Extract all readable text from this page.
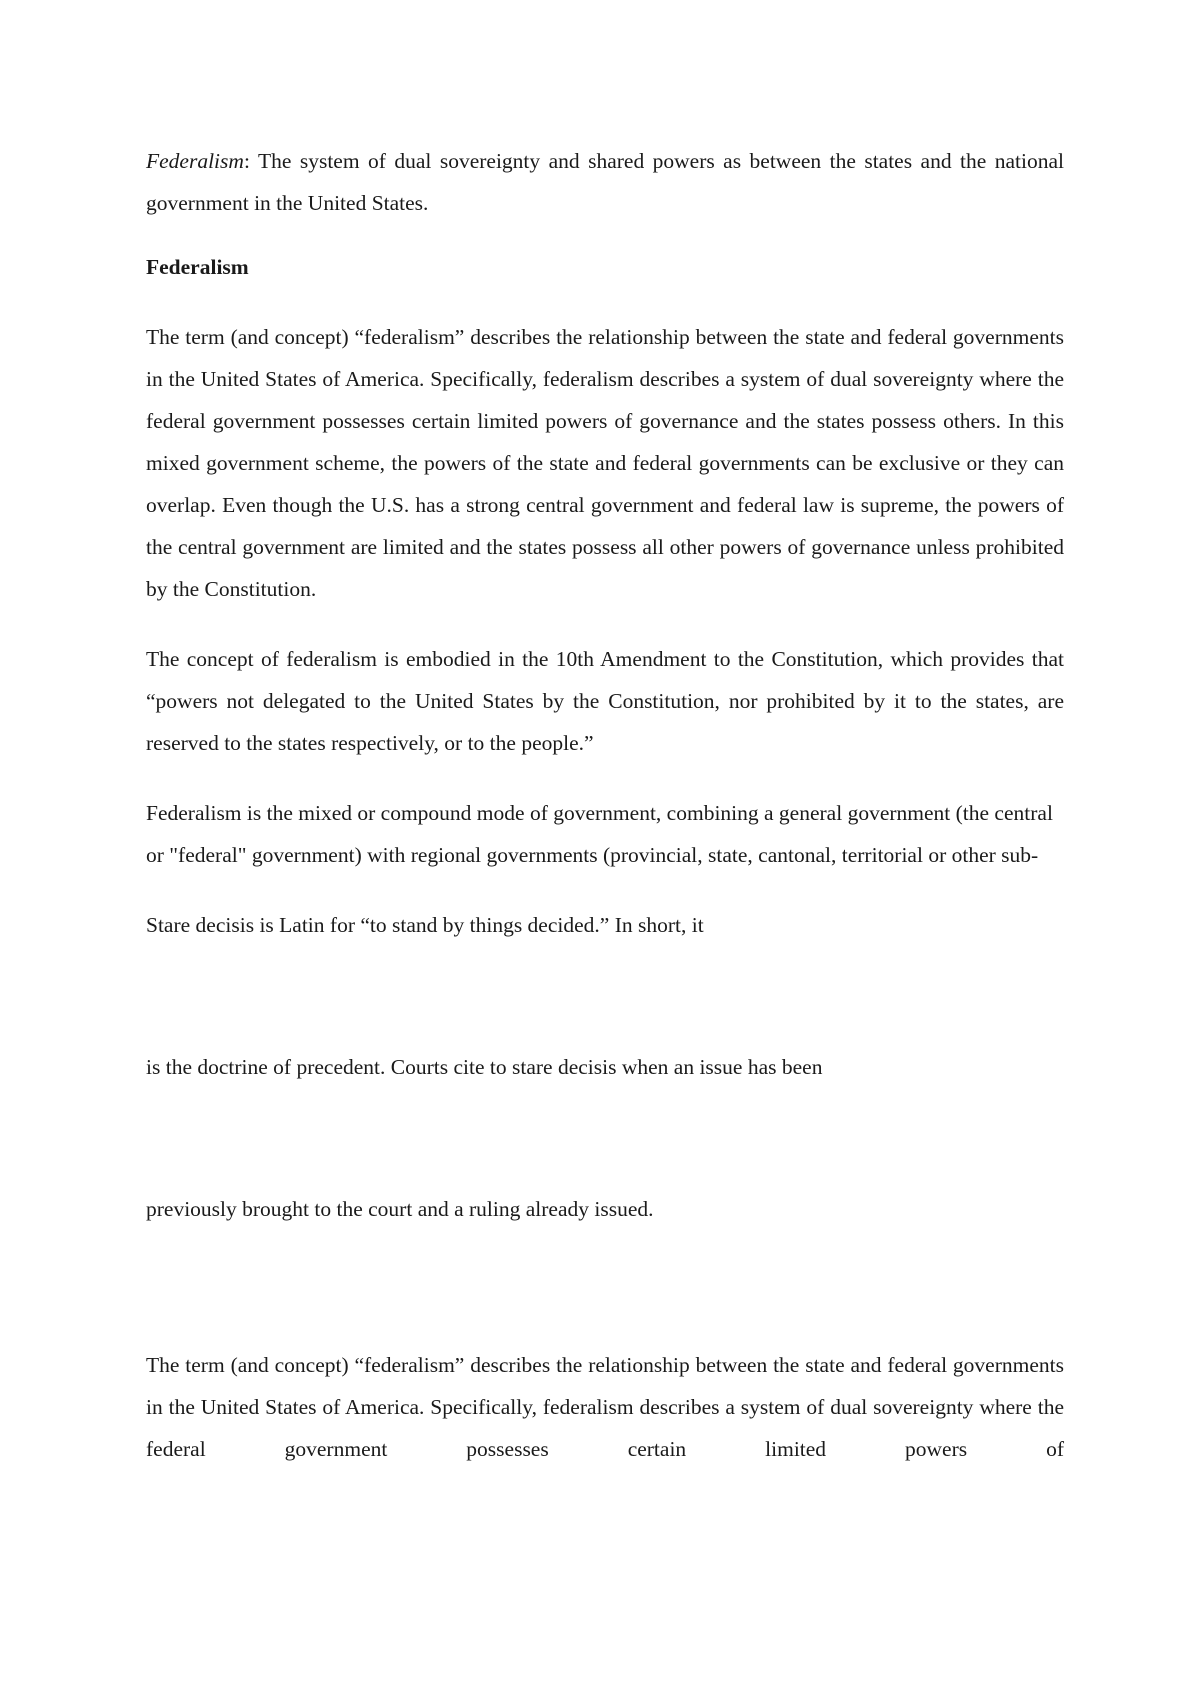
Federalism: The system of dual sovereignty and shared powers as between the states and the national government in the United States.

Federalism

The term (and concept) “federalism” describes the relationship between the state and federal governments in the United States of America. Specifically, federalism describes a system of dual sovereignty where the federal government possesses certain limited powers of governance and the states possess others. In this mixed government scheme, the powers of the state and federal governments can be exclusive or they can overlap. Even though the U.S. has a strong central government and federal law is supreme, the powers of the central government are limited and the states possess all other powers of governance unless prohibited by the Constitution.

The concept of federalism is embodied in the 10th Amendment to the Constitution, which provides that “powers not delegated to the United States by the Constitution, nor prohibited by it to the states, are reserved to the states respectively, or to the people.”

Federalism is the mixed or compound mode of government, combining a general government (the central or "federal" government) with regional governments (provincial, state, cantonal, territorial or other sub-

Stare decisis is Latin for “to stand by things decided.” In short, it

is the doctrine of precedent. Courts cite to stare decisis when an issue has been

previously brought to the court and a ruling already issued.

The term (and concept) “federalism” describes the relationship between the state and federal governments in the United States of America. Specifically, federalism describes a system of dual sovereignty where the federal government possesses certain limited powers of
